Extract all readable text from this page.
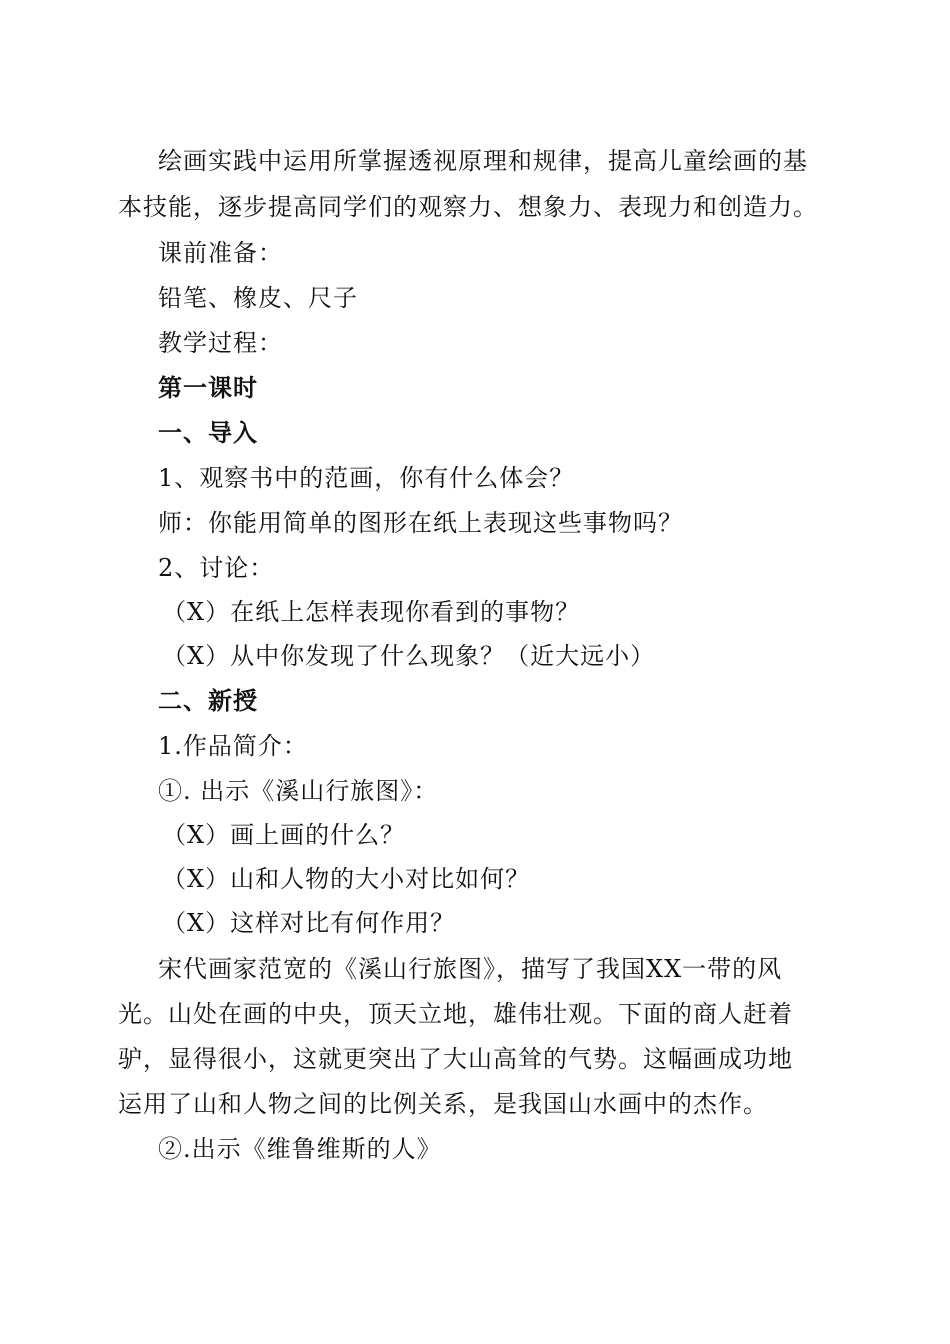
绘画实践中运用所掌握透视原理和规律，提高儿童绘画的基
本技能，逐步提高同学们的观察力、想象力、表现力和创造力。
课前准备：
铅笔、橡皮、尺子
教学过程：
第一课时
一、导入
1、观察书中的范画，你有什么体会？
师：你能用简单的图形在纸上表现这些事物吗？
2、讨论：
（X）在纸上怎样表现你看到的事物？
（X）从中你发现了什么现象？（近大远小）
二、新授
1.作品简介：
①. 出示《溪山行旅图》：
（X）画上画的什么？
（X）山和人物的大小对比如何？
（X）这样对比有何作用？
宋代画家范宽的《溪山行旅图》，描写了我国XX一带的风
光。山处在画的中央，顶天立地，雄伟壮观。下面的商人赶着
驴，显得很小，这就更突出了大山高耸的气势。这幅画成功地
运用了山和人物之间的比例关系，是我国山水画中的杰作。
②.出示《维鲁维斯的人》
